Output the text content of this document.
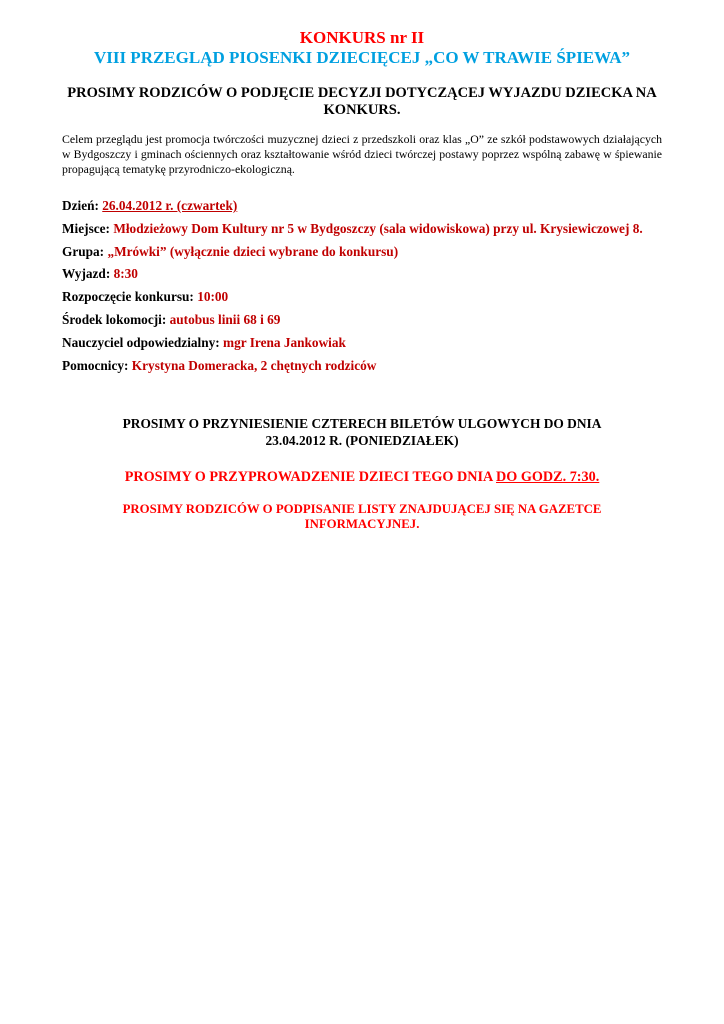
KONKURS nr II
VIII PRZEGLĄD PIOSENKI DZIECIĘCEJ „CO W TRAWIE ŚPIEWA”
PROSIMY RODZICÓW O PODJĘCIE DECYZJI DOTYCZĄCEJ WYJAZDU DZIECKA NA KONKURS.
Celem przeglądu jest promocja twórczości muzycznej dzieci z przedszkoli oraz klas „O” ze szkół podstawowych działających w Bydgoszczy i gminach ościennych oraz kształtowanie wśród dzieci twórczej postawy poprzez wspólną zabawę w śpiewanie propagującą tematykę przyrodniczo-ekologiczną.
Dzień: 26.04.2012 r. (czwartek)
Miejsce: Młodzieżowy Dom Kultury nr 5 w Bydgoszczy (sala widowiskowa) przy ul. Krysiewiczowej 8.
Grupa: „Mrówki” (wyłącznie dzieci wybrane do konkursu)
Wyjazd: 8:30
Rozpoczęcie konkursu: 10:00
Środek lokomocji: autobus linii 68 i 69
Nauczyciel odpowiedzialny: mgr Irena Jankowiak
Pomocnicy: Krystyna Domeracka, 2 chętnych rodziców
PROSIMY O PRZYNIESIENIE CZTERECH BILETÓW ULGOWYCH DO DNIA
23.04.2012 R. (PONIEDZIAŁEK)
PROSIMY O PRZYPROWADZENIE DZIECI TEGO DNIA DO GODZ. 7:30.
PROSIMY RODZICÓW O PODPISANIE LISTY ZNAJDUJĄCEJ SIĘ NA GAZETCE
INFORMACYJNEJ.
